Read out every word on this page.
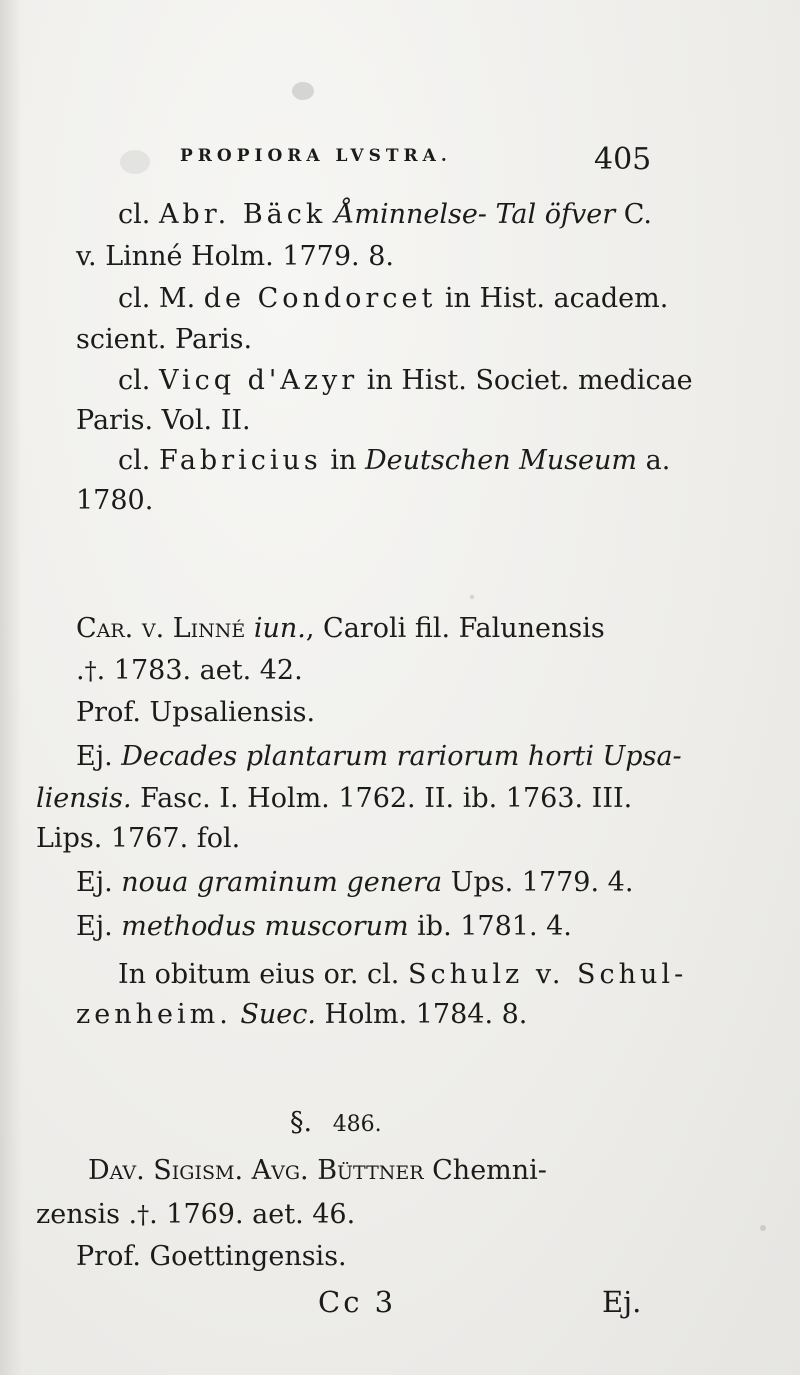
PROPIORA LVSTRA.	405
cl. Abr. Bäck Åminnelse- Tal öfver C.
v. Linné Holm. 1779. 8.
cl. M. de Condorcet in Hist. academ.
scient. Paris.
cl. Vicq d'Azyr in Hist. Societ. medicae
Paris. Vol. II.
cl. Fabricius in Deutschen Museum a.
1780.
Car. v. Linné iun., Caroli fil. Falunensis
.†. 1783. aet. 42.
Prof. Upsaliensis.
Ej. Decades plantarum rariorum horti Upsa-
liensis. Fasc. I. Holm. 1762. II. ib. 1763. III.
Lips. 1767. fol.
Ej. noua graminum genera Ups. 1779. 4.
Ej. methodus muscorum ib. 1781. 4.
In obitum eius or. cl. Schulz v. Schul-
zenheim. Suec. Holm. 1784. 8.
§. 486.
Dav. Sigism. Avg. Büttner Chemni-
zensis .†. 1769. aet. 46.
Prof. Goettingensis.
Cc 3	Ej.
